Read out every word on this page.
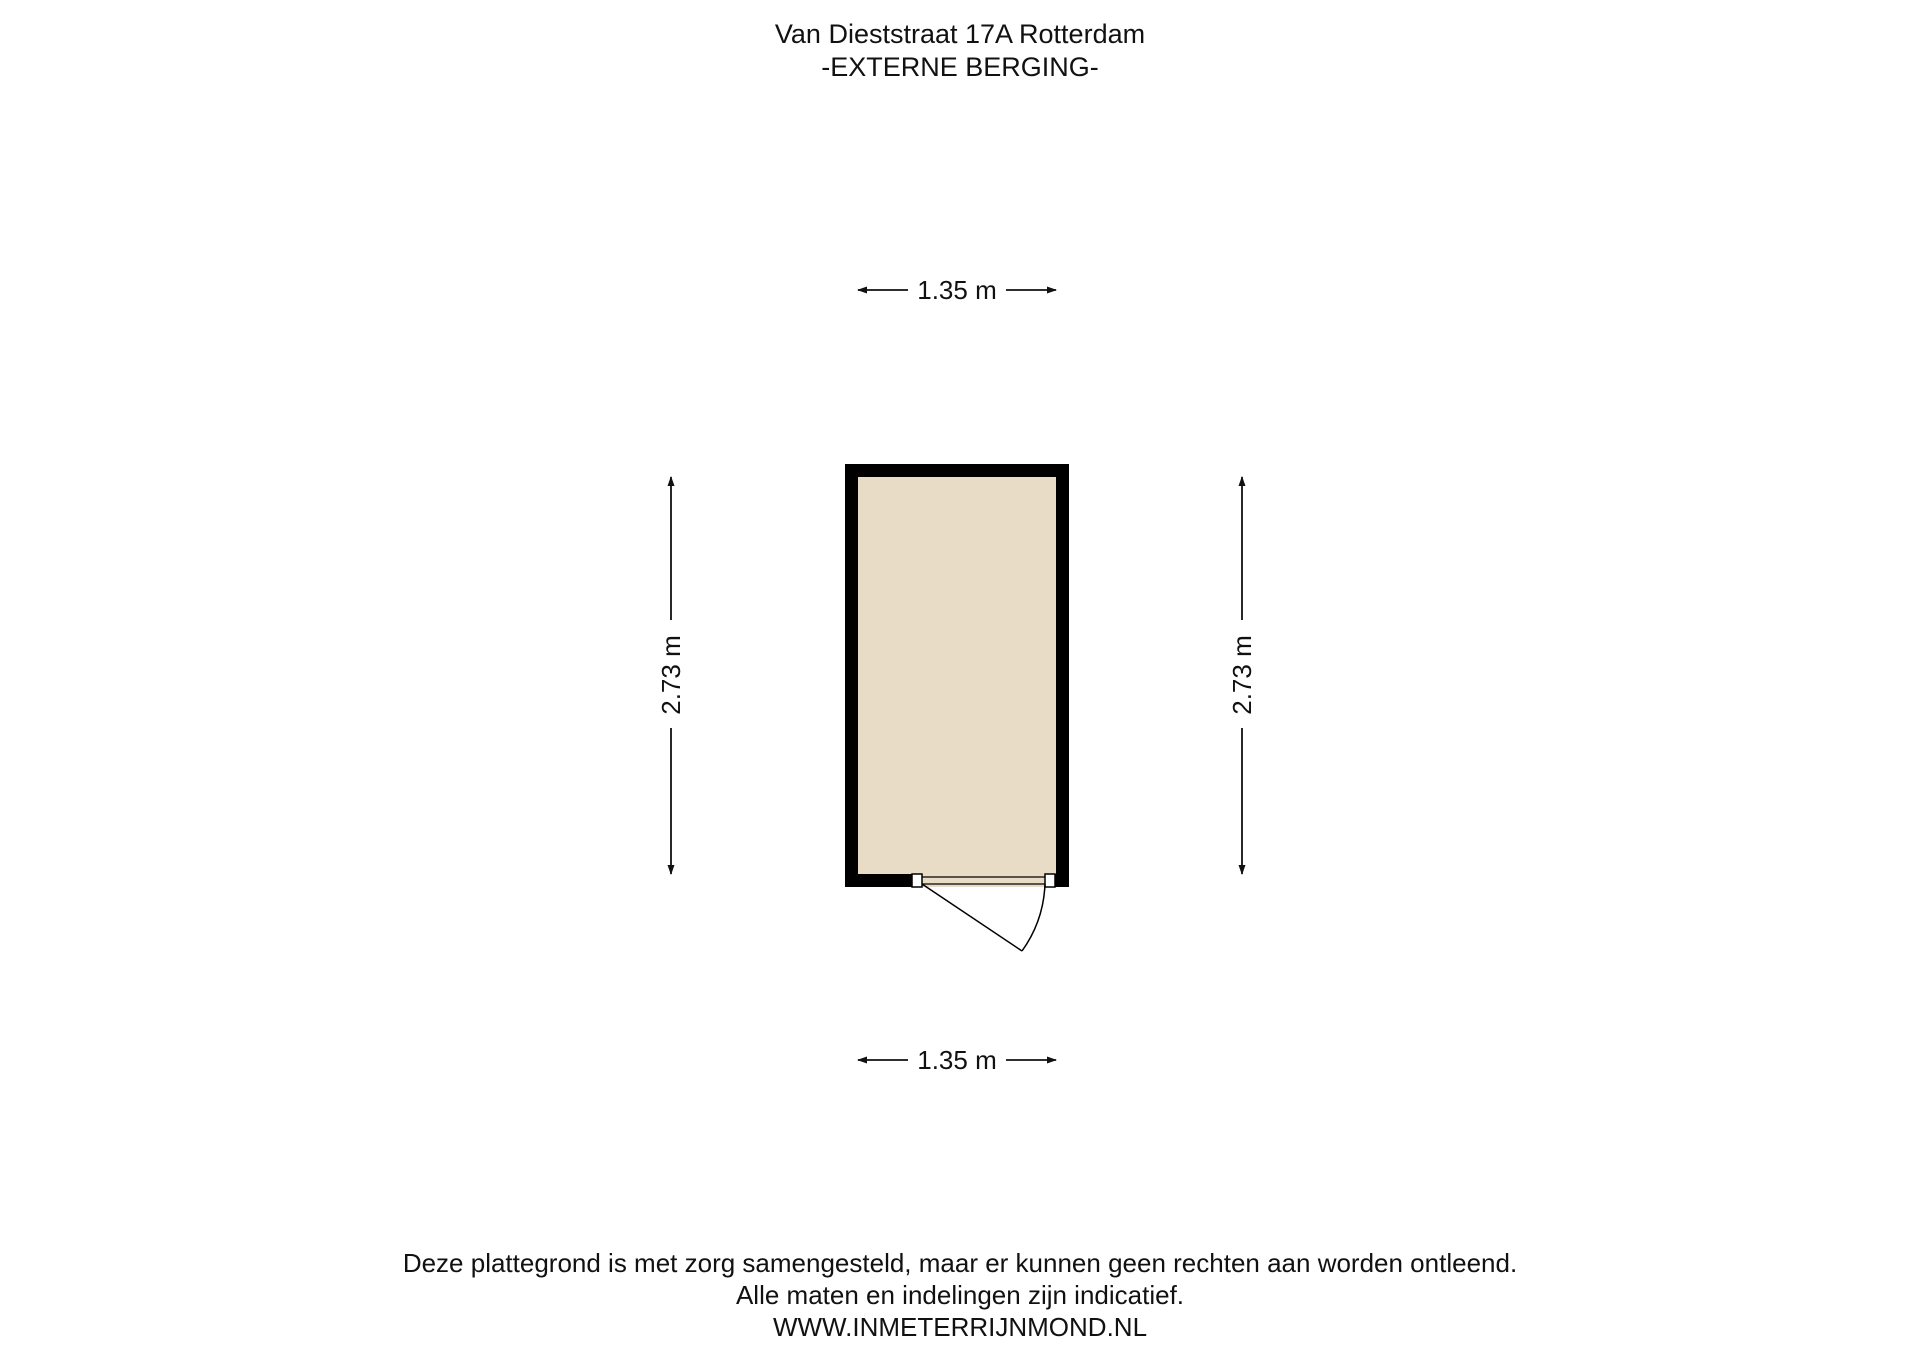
Van Dieststraat 17A Rotterdam
-EXTERNE BERGING-
1.35 m
1.35 m
2.73 m	2.73 m
Deze plattegrond is met zorg samengesteld, maar er kunnen geen rechten aan worden ontleend.
Alle maten en indelingen zijn indicatief.
WWW.INMETERRIJNMOND.NL
